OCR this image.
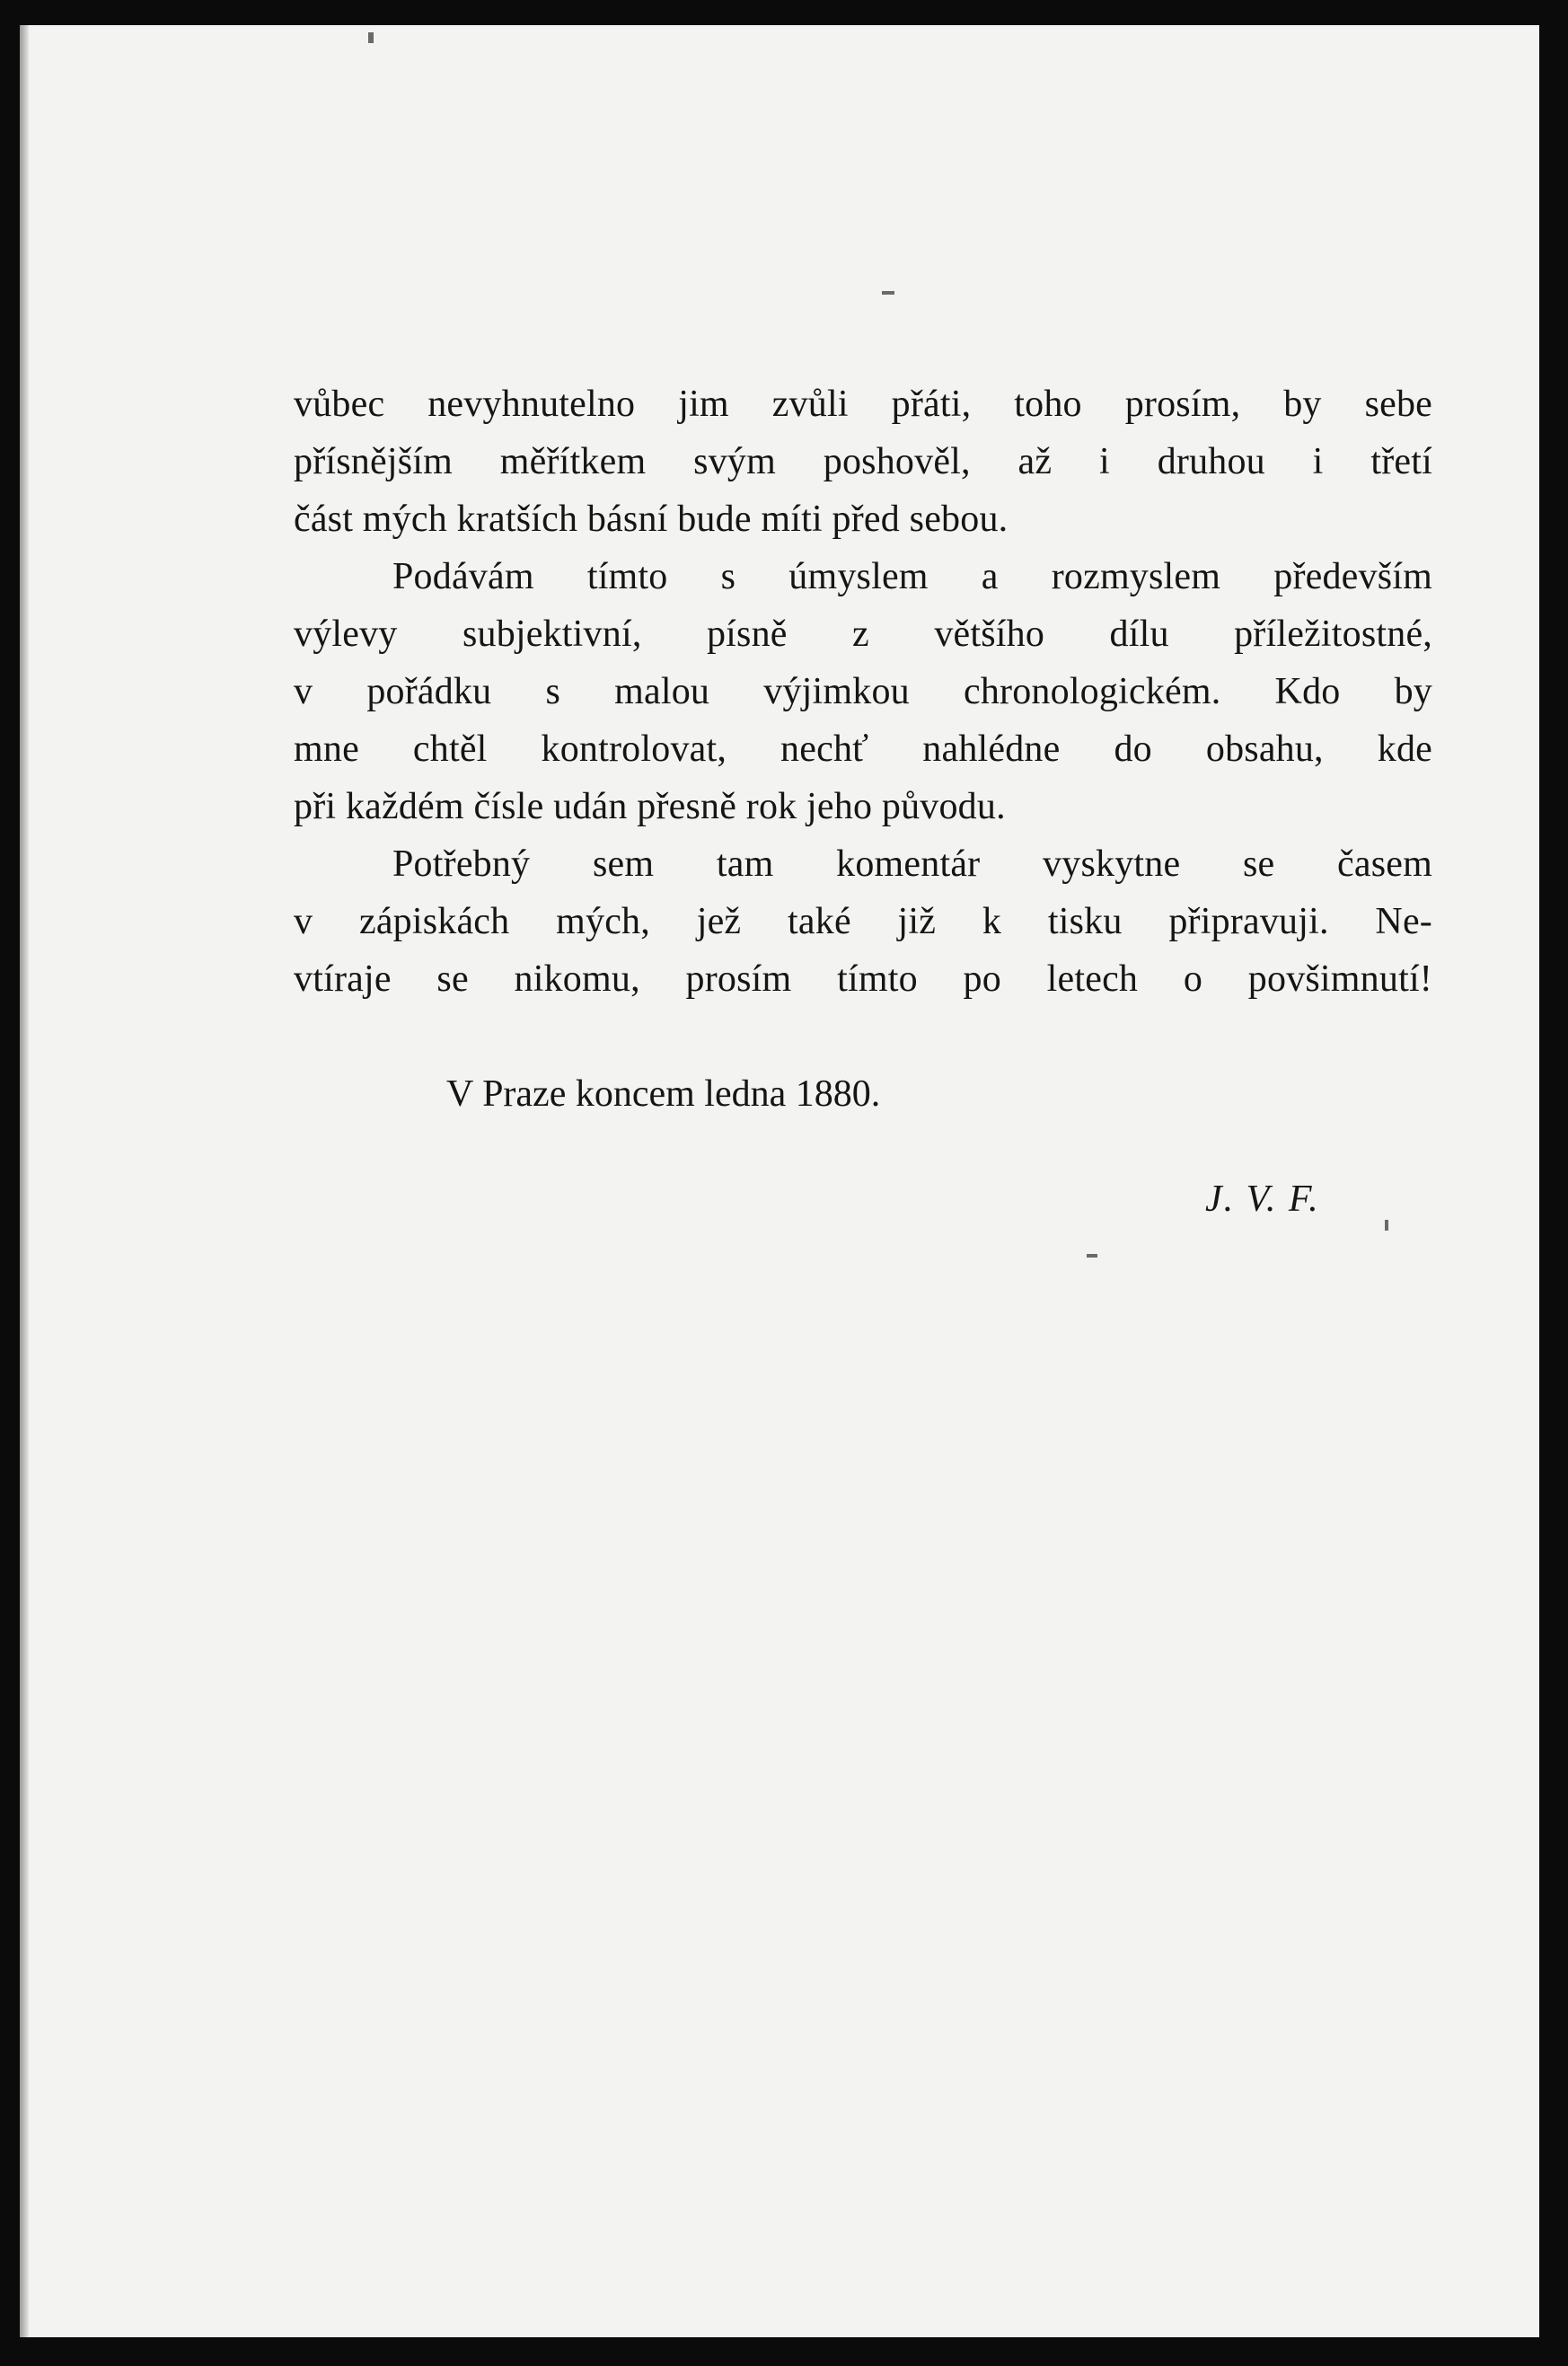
vůbec nevyhnutelno jim zvůli přáti, toho prosím, by sebe
přísnějším měřítkem svým poshověl, až i druhou i třetí
část mých kratších básní bude míti před sebou.
Podávám tímto s úmyslem a rozmyslem především
výlevy subjektivní, písně z většího dílu příležitostné,
v pořádku s malou výjimkou chronologickém. Kdo by
mne chtěl kontrolovat, nechť nahlédne do obsahu, kde
při každém čísle udán přesně rok jeho původu.
Potřebný sem tam komentár vyskytne se časem
v zápiskách mých, jež také již k tisku připravuji. Ne-
vtíraje se nikomu, prosím tímto po letech o povšimnutí!
V Praze koncem ledna 1880.
J. V. F.
